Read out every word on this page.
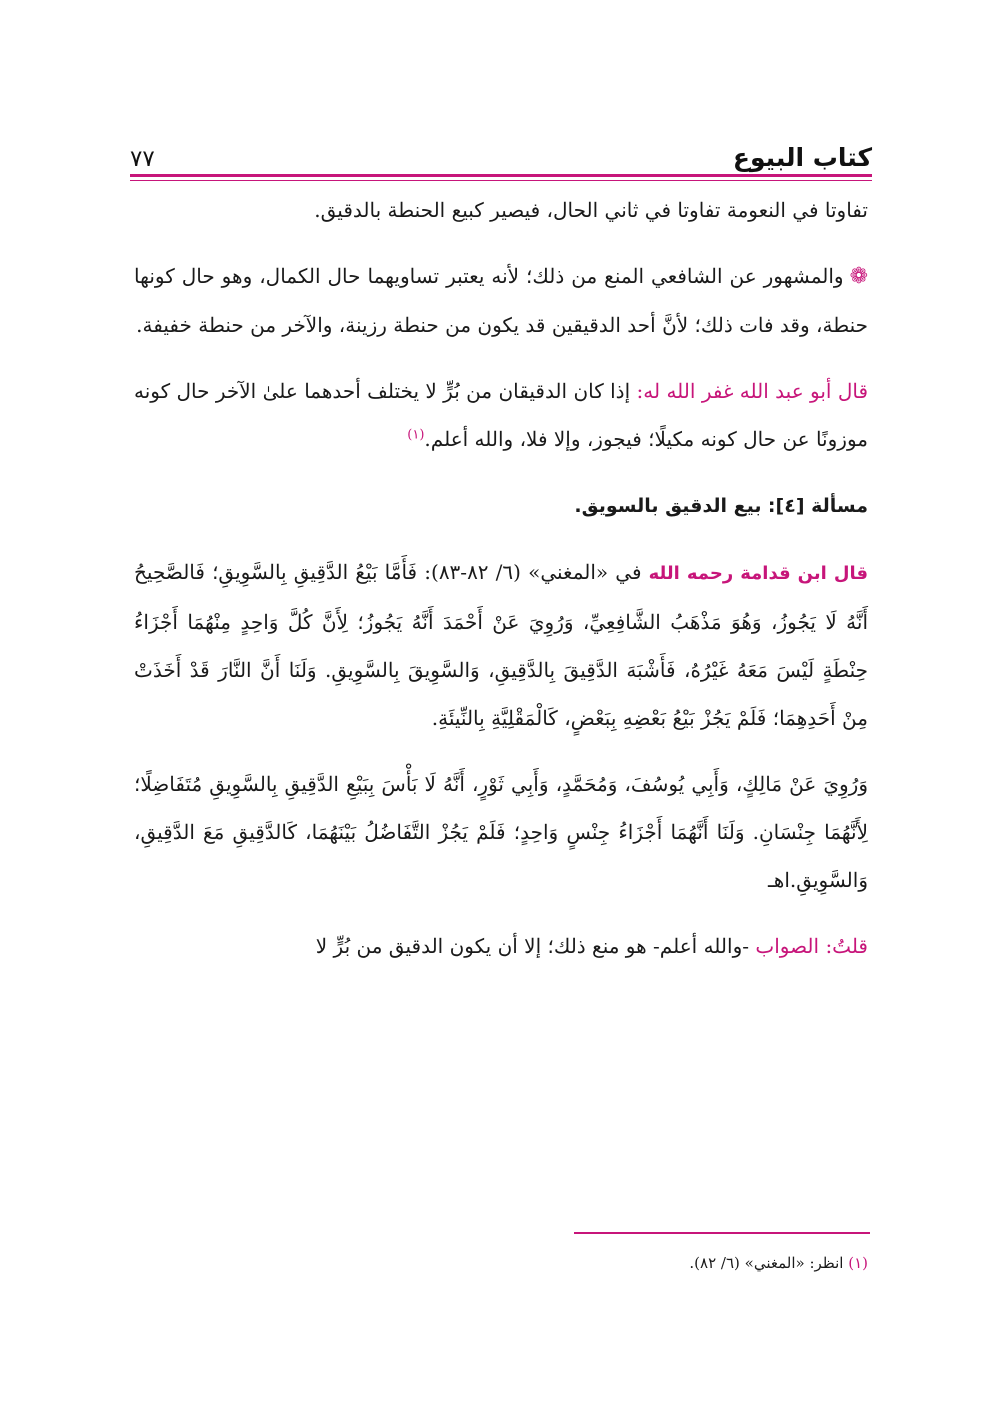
كتاب البيوع
٧٧

تفاوتا في النعومة تفاوتا في ثاني الحال، فيصير كبيع الحنطة بالدقيق.

❁والمشهور عن الشافعي المنع من ذلك؛ لأنه يعتبر تساويهما حال الكمال، وهو حال كونها حنطة، وقد فات ذلك؛ لأنَّ أحد الدقيقين قد يكون من حنطة رزينة، والآخر من حنطة خفيفة.

قال أبو عبد الله غفر الله له: إذا كان الدقيقان من بُرٍّ لا يختلف أحدهما علىٰ الآخر حال كونه موزونًا عن حال كونه مكيلًا؛ فيجوز، وإلا فلا، والله أعلم.$^{(١)}$

مسألة [٤]: بيع الدقيق بالسويق.

قال ابن قدامة رحمه الله في «المغني» (٦/ ٨٢-٨٣): فَأَمَّا بَيْعُ الدَّقِيقِ بِالسَّوِيقِ؛ فَالصَّحِيحُ أَنَّهُ لَا يَجُوزُ، وَهُوَ مَذْهَبُ الشَّافِعِيِّ، وَرُوِيَ عَنْ أَحْمَدَ أَنَّهُ يَجُوزُ؛ لِأَنَّ كُلَّ وَاحِدٍ مِنْهُمَا أَجْزَاءُ حِنْطَةٍ لَيْسَ مَعَهُ غَيْرُهُ، فَأَشْبَهَ الدَّقِيقَ بِالدَّقِيقِ، وَالسَّوِيقَ بِالسَّوِيقِ. وَلَنَا أَنَّ النَّارَ قَدْ أَخَذَتْ مِنْ أَحَدِهِمَا؛ فَلَمْ يَجُزْ بَيْعُ بَعْضِهِ بِبَعْضٍ، كَالْمَقْلِيَّةِ بِالنِّيئَةِ.

وَرُوِيَ عَنْ مَالِكٍ، وَأَبِي يُوسُفَ، وَمُحَمَّدٍ، وَأَبِي ثَوْرٍ، أَنَّهُ لَا بَأْسَ بِبَيْعِ الدَّقِيقِ بِالسَّوِيقِ مُتَفَاضِلًا؛ لِأَنَّهُمَا جِنْسَانِ. وَلَنَا أَنَّهُمَا أَجْزَاءُ جِنْسٍ وَاحِدٍ؛ فَلَمْ يَجُزْ التَّفَاضُلُ بَيْنَهُمَا، كَالدَّقِيقِ مَعَ الدَّقِيقِ، وَالسَّوِيقِ.اهـ

قلتُ: الصواب -والله أعلم- هو منع ذلك؛ إلا أن يكون الدقيق من بُرٍّ لا

(١) انظر: «المغني» (٦/ ٨٢).
